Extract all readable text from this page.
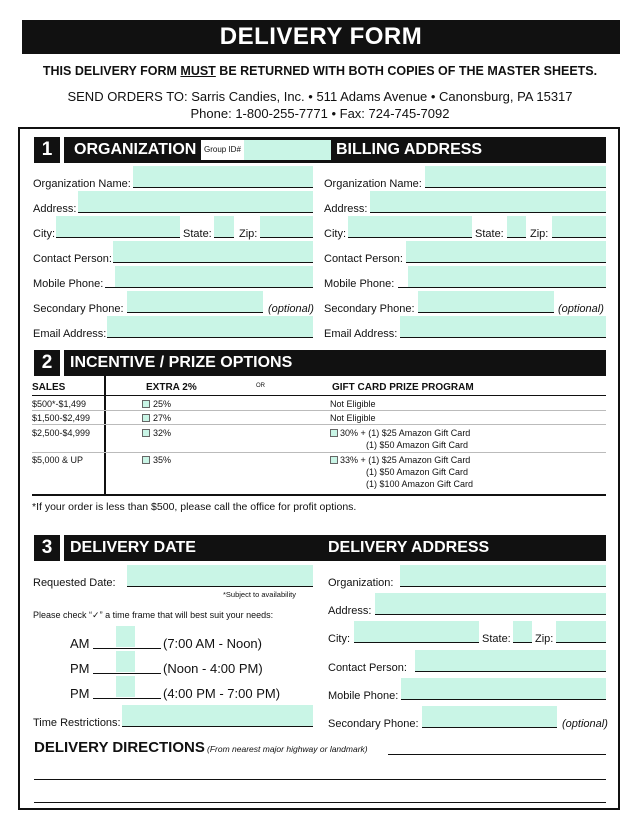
DELIVERY FORM
THIS DELIVERY FORM MUST BE RETURNED WITH BOTH COPIES OF THE MASTER SHEETS.
SEND ORDERS TO: Sarris Candies, Inc. • 511 Adams Avenue • Canonsburg, PA 15317
Phone: 1-800-255-7771 • Fax: 724-745-7092
1	ORGANIZATION Group ID#	BILLING ADDRESS
Organization Name:
Address:
City:	State: Zip:
Contact Person:
Mobile Phone:
Secondary Phone:	(optional)
Email Address:
Organization Name:
Address:
City:	State: Zip:
Contact Person:
Mobile Phone:
Secondary Phone:	(optional)
Email Address:
2	INCENTIVE / PRIZE OPTIONS
SALES	EXTRA 2%	OR	GIFT CARD PRIZE PROGRAM
$500*-$1,499	25%	Not Eligible
$1,500-$2,499	27%	Not Eligible
$2,500-$4,999	32%	30% + (1) $25 Amazon Gift Card
(1) $50 Amazon Gift Card
$5,000 & UP	35%	33% + (1) $25 Amazon Gift Card
(1) $50 Amazon Gift Card
(1) $100 Amazon Gift Card
*If your order is less than $500, please call the office for profit options.
3	DELIVERY DATE	DELIVERY ADDRESS
Requested Date:
*Subject to availability
Please check “✓” a time frame that will best suit your needs:
AM	(7:00 AM - Noon)
PM	(Noon - 4:00 PM)
PM	(4:00 PM - 7:00 PM)
Time Restrictions:
Organization:
Address:
City:	State: Zip:
Contact Person:
Mobile Phone:
Secondary Phone:	(optional)
DELIVERY DIRECTIONS (From nearest major highway or landmark)
